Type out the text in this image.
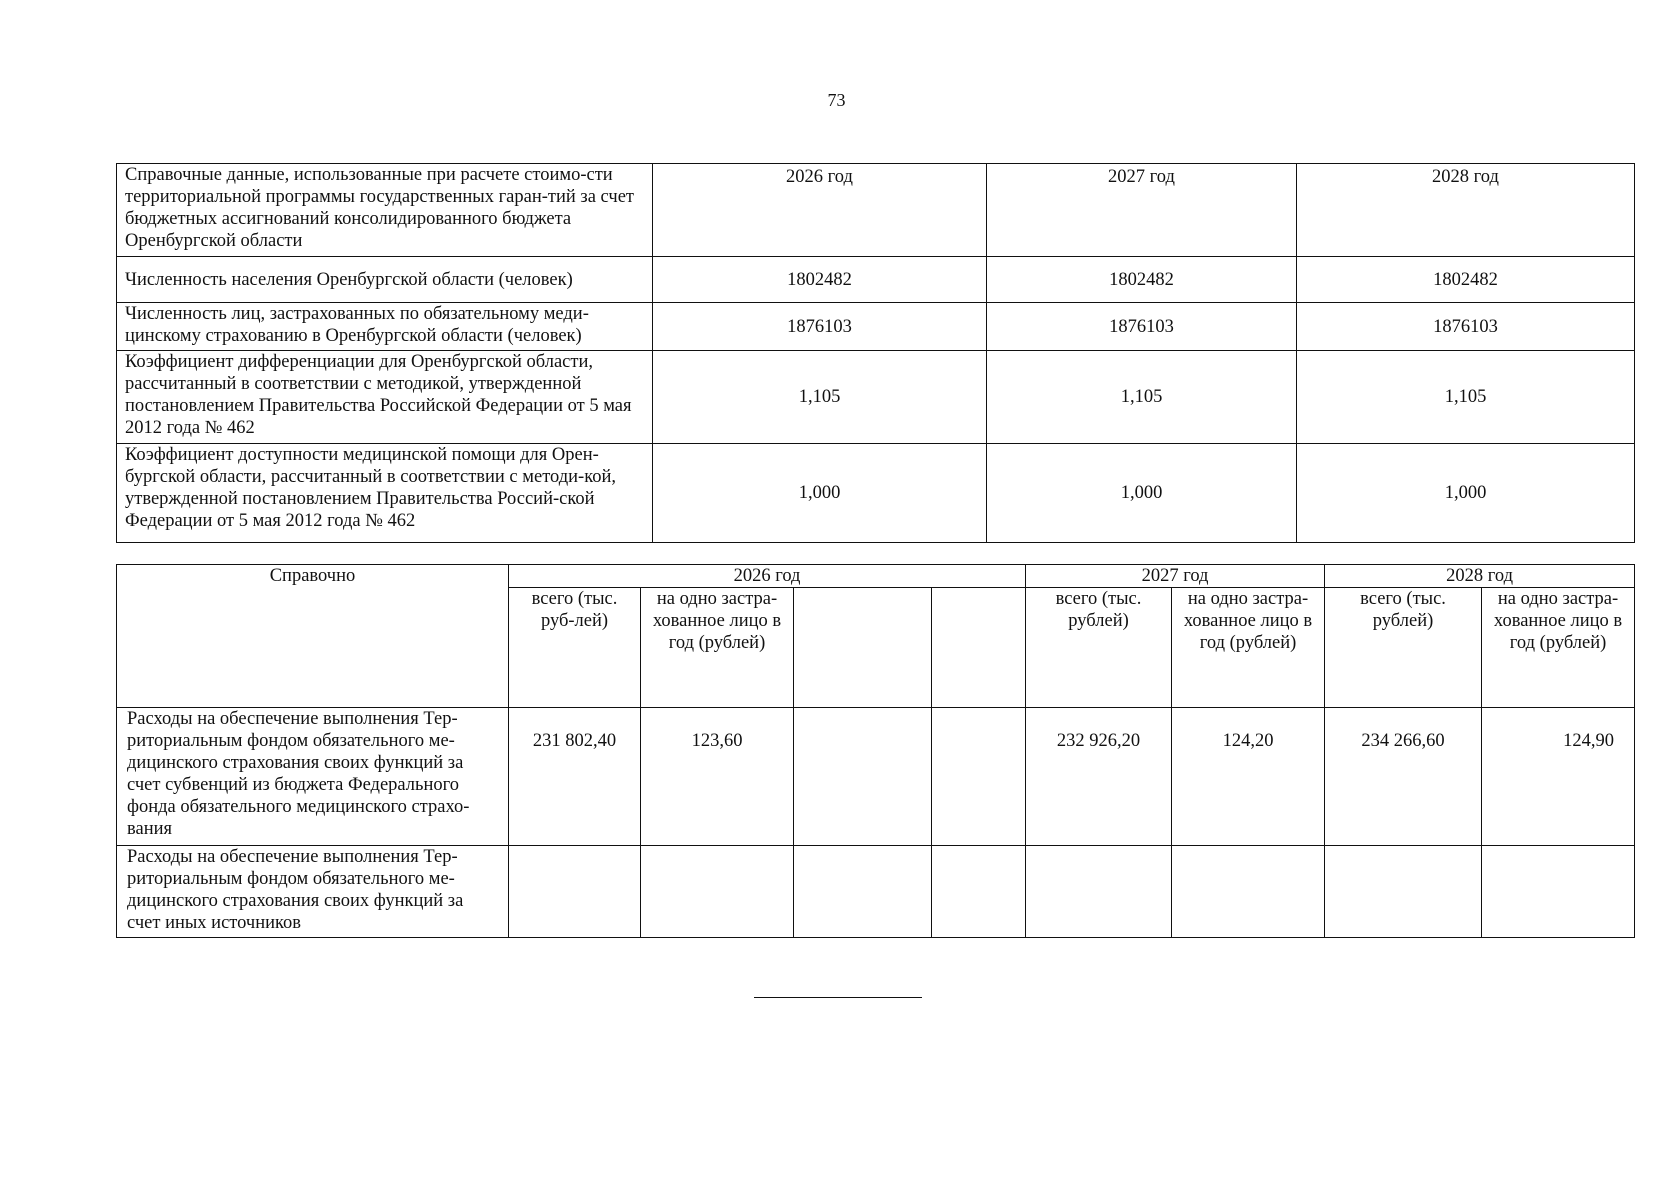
73
Справочные данные, использованные при расчете стоимо-сти территориальной программы государственных гаран-тий за счет бюджетных ассигнований консолидированного бюджета Оренбургской области	2026 год	2027 год	2028 год
Численность населения Оренбургской области (человек)	1802482	1802482	1802482
Численность лиц, застрахованных по обязательному меди-цинскому страхованию в Оренбургской области (человек)	1876103	1876103	1876103
Коэффициент дифференциации для Оренбургской области, рассчитанный в соответствии с методикой, утвержденной постановлением Правительства Российской Федерации от 5 мая 2012 года № 462	1,105	1,105	1,105
Коэффициент доступности медицинской помощи для Орен-бургской области, рассчитанный в соответствии с методи-кой, утвержденной постановлением Правительства Россий-ской Федерации от 5 мая 2012 года № 462	1,000	1,000	1,000
Справочно	2026 год				2027 год		2028 год	
	всего (тыс. руб-лей)	на одно застра-хованное лицо в год (рублей)			всего (тыс. рублей)	на одно застра-хованное лицо в год (рублей)	всего (тыс. рублей)	на одно застра-хованное лицо в год (рублей)
Расходы на обеспечение выполнения Тер-риториальным фондом обязательного ме-дицинского страхования своих функций за счет субвенций из бюджета Федерального фонда обязательного медицинского страхо-вания	231 802,40	123,60			232 926,20	124,20	234 266,60	124,90
Расходы на обеспечение выполнения Тер-риториальным фондом обязательного ме-дицинского страхования своих функций за счет иных источников								
